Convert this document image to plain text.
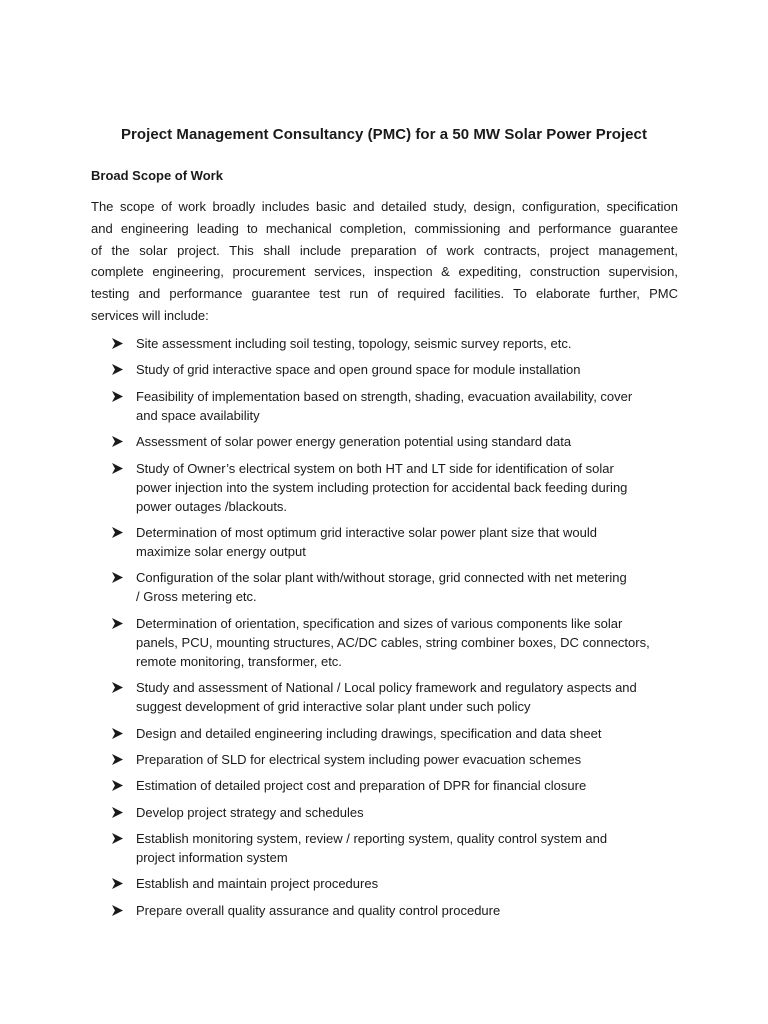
Project Management Consultancy (PMC) for a 50 MW Solar Power Project
Broad Scope of Work
The scope of work broadly includes basic and detailed study, design, configuration, specification
and engineering leading to mechanical completion, commissioning and performance guarantee
of the solar project. This shall include preparation of work contracts, project management,
complete engineering, procurement services, inspection & expediting, construction supervision,
testing and performance guarantee test run of required facilities. To elaborate further, PMC
services will include:
Site assessment including soil testing, topology, seismic survey reports, etc.
Study of grid interactive space and open ground space for module installation
Feasibility of implementation based on strength, shading, evacuation availability, cover
and space availability
Assessment of solar power energy generation potential using standard data
Study of Owner’s electrical system on both HT and LT side for identification of solar
power injection into the system including protection for accidental back feeding during
power outages /blackouts.
Determination of most optimum grid interactive solar power plant size that would
maximize solar energy output
Configuration of the solar plant with/without storage, grid connected with net metering
/ Gross metering etc.
Determination of orientation, specification and sizes of various components like solar
panels, PCU, mounting structures, AC/DC cables, string combiner boxes, DC connectors,
remote monitoring, transformer, etc.
Study and assessment of National / Local policy framework and regulatory aspects and
suggest development of grid interactive solar plant under such policy
Design and detailed engineering including drawings, specification and data sheet
Preparation of SLD for electrical system including power evacuation schemes
Estimation of detailed project cost and preparation of DPR for financial closure
Develop project strategy and schedules
Establish monitoring system, review / reporting system, quality control system and
project information system
Establish and maintain project procedures
Prepare overall quality assurance and quality control procedure
